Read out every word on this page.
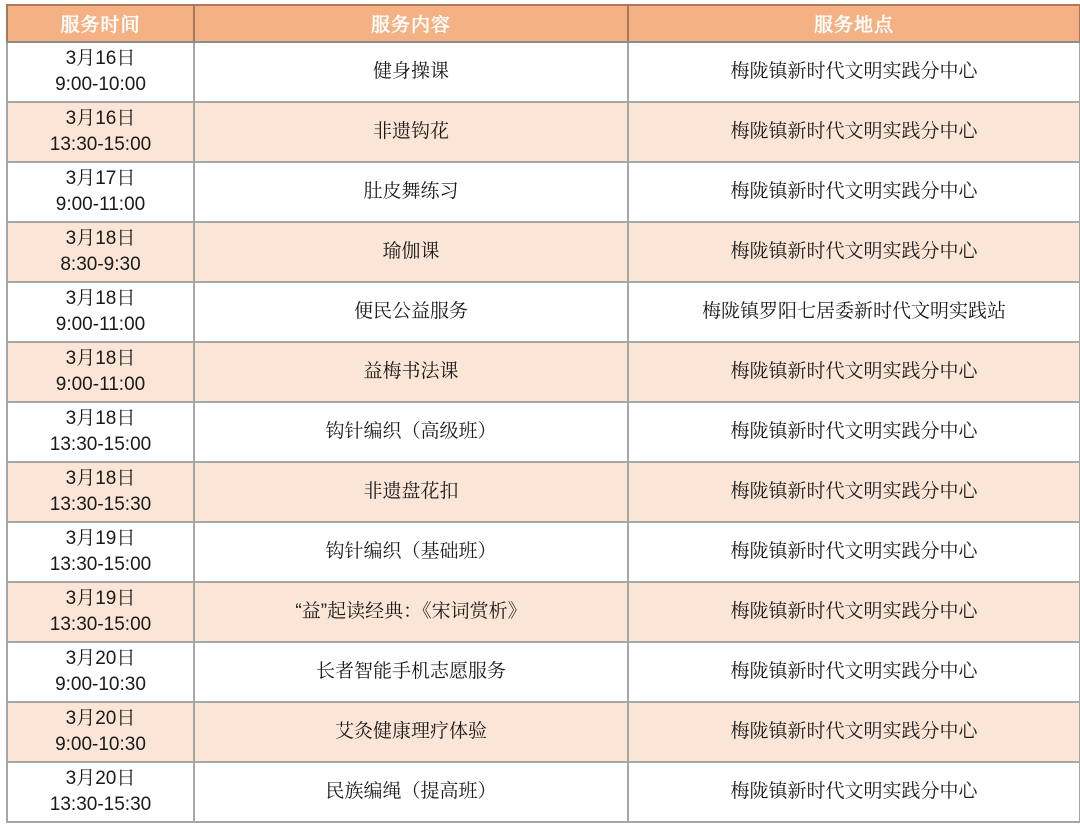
服务时间	服务内容	服务地点

3月16日
9:00-10:00	健身操课	梅陇镇新时代文明实践分中心

3月16日
13:30-15:00	非遗钩花	梅陇镇新时代文明实践分中心

3月17日
9:00-11:00	肚皮舞练习	梅陇镇新时代文明实践分中心

3月18日
8:30-9:30	瑜伽课	梅陇镇新时代文明实践分中心

3月18日
9:00-11:00	便民公益服务	梅陇镇罗阳七居委新时代文明实践站

3月18日
9:00-11:00	益梅书法课	梅陇镇新时代文明实践分中心

3月18日
13:30-15:00	钩针编织（高级班）	梅陇镇新时代文明实践分中心

3月18日
13:30-15:30	非遗盘花扣	梅陇镇新时代文明实践分中心

3月19日
13:30-15:00	钩针编织（基础班）	梅陇镇新时代文明实践分中心

3月19日
13:30-15:00	“益”起读经典：《宋词赏析》	梅陇镇新时代文明实践分中心

3月20日
9:00-10:30	长者智能手机志愿服务	梅陇镇新时代文明实践分中心

3月20日
9:00-10:30	艾灸健康理疗体验	梅陇镇新时代文明实践分中心

3月20日
13:30-15:30	民族编绳（提高班）	梅陇镇新时代文明实践分中心
